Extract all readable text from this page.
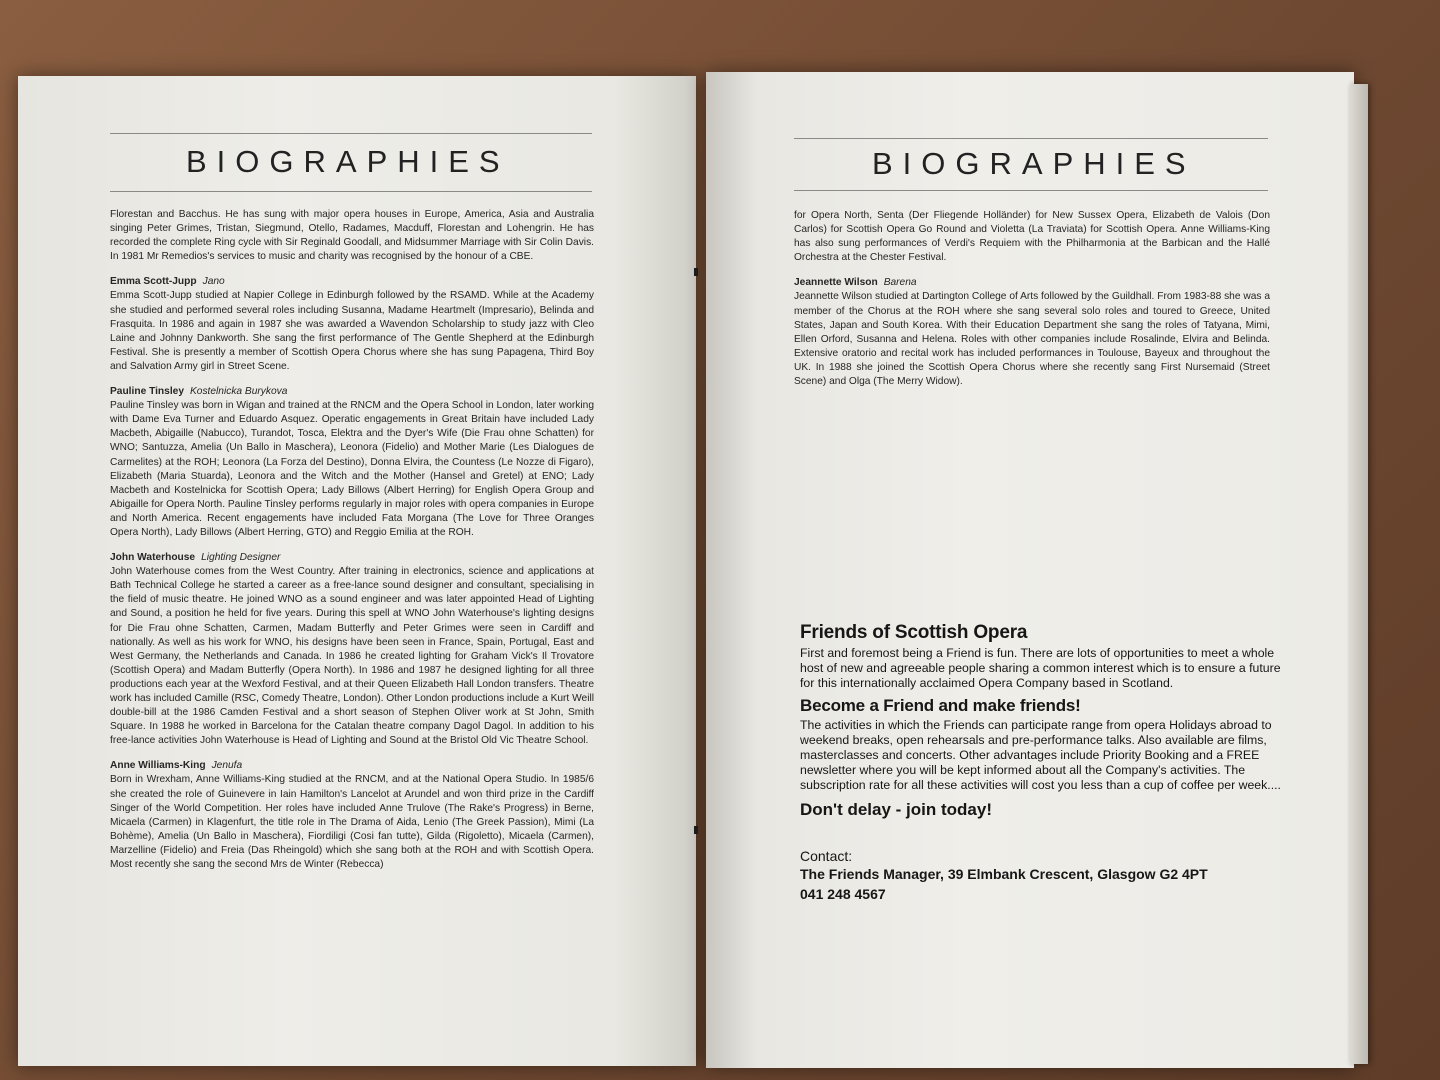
BIOGRAPHIES

Florestan and Bacchus. He has sung with major opera houses in Europe, America, Asia and Australia singing Peter Grimes, Tristan, Siegmund, Otello, Radames, Macduff, Florestan and Lohengrin. He has recorded the complete Ring cycle with Sir Reginald Goodall, and Midsummer Marriage with Sir Colin Davis. In 1981 Mr Remedios's services to music and charity was recognised by the honour of a CBE.

Emma Scott-Jupp Jano

Emma Scott-Jupp studied at Napier College in Edinburgh followed by the RSAMD. While at the Academy she studied and performed several roles including Susanna, Madame Heartmelt (Impresario), Belinda and Frasquita. In 1986 and again in 1987 she was awarded a Wavendon Scholarship to study jazz with Cleo Laine and Johnny Dankworth. She sang the first performance of The Gentle Shepherd at the Edinburgh Festival. She is presently a member of Scottish Opera Chorus where she has sung Papagena, Third Boy and Salvation Army girl in Street Scene.

Pauline Tinsley Kostelnicka Burykova

Pauline Tinsley was born in Wigan and trained at the RNCM and the Opera School in London, later working with Dame Eva Turner and Eduardo Asquez. Operatic engagements in Great Britain have included Lady Macbeth, Abigaille (Nabucco), Turandot, Tosca, Elektra and the Dyer's Wife (Die Frau ohne Schatten) for WNO; Santuzza, Amelia (Un Ballo in Maschera), Leonora (Fidelio) and Mother Marie (Les Dialogues de Carmelites) at the ROH; Leonora (La Forza del Destino), Donna Elvira, the Countess (Le Nozze di Figaro), Elizabeth (Maria Stuarda), Leonora and the Witch and the Mother (Hansel and Gretel) at ENO; Lady Macbeth and Kostelnicka for Scottish Opera; Lady Billows (Albert Herring) for English Opera Group and Abigaille for Opera North. Pauline Tinsley performs regularly in major roles with opera companies in Europe and North America. Recent engagements have included Fata Morgana (The Love for Three Oranges Opera North), Lady Billows (Albert Herring, GTO) and Reggio Emilia at the ROH.

John Waterhouse Lighting Designer

John Waterhouse comes from the West Country. After training in electronics, science and applications at Bath Technical College he started a career as a free-lance sound designer and consultant, specialising in the field of music theatre. He joined WNO as a sound engineer and was later appointed Head of Lighting and Sound, a position he held for five years. During this spell at WNO John Waterhouse's lighting designs for Die Frau ohne Schatten, Carmen, Madam Butterfly and Peter Grimes were seen in Cardiff and nationally. As well as his work for WNO, his designs have been seen in France, Spain, Portugal, East and West Germany, the Netherlands and Canada. In 1986 he created lighting for Graham Vick's Il Trovatore (Scottish Opera) and Madam Butterfly (Opera North). In 1986 and 1987 he designed lighting for all three productions each year at the Wexford Festival, and at their Queen Elizabeth Hall London transfers. Theatre work has included Camille (RSC, Comedy Theatre, London). Other London productions include a Kurt Weill double-bill at the 1986 Camden Festival and a short season of Stephen Oliver work at St John, Smith Square. In 1988 he worked in Barcelona for the Catalan theatre company Dagol Dagol. In addition to his free-lance activities John Waterhouse is Head of Lighting and Sound at the Bristol Old Vic Theatre School.

Anne Williams-King Jenufa

Born in Wrexham, Anne Williams-King studied at the RNCM, and at the National Opera Studio. In 1985/6 she created the role of Guinevere in Iain Hamilton's Lancelot at Arundel and won third prize in the Cardiff Singer of the World Competition. Her roles have included Anne Trulove (The Rake's Progress) in Berne, Micaela (Carmen) in Klagenfurt, the title role in The Drama of Aida, Lenio (The Greek Passion), Mimi (La Bohème), Amelia (Un Ballo in Maschera), Fiordiligi (Cosi fan tutte), Gilda (Rigoletto), Micaela (Carmen), Marzelline (Fidelio) and Freia (Das Rheingold) which she sang both at the ROH and with Scottish Opera. Most recently she sang the second Mrs de Winter (Rebecca)

BIOGRAPHIES

for Opera North, Senta (Der Fliegende Holländer) for New Sussex Opera, Elizabeth de Valois (Don Carlos) for Scottish Opera Go Round and Violetta (La Traviata) for Scottish Opera. Anne Williams-King has also sung performances of Verdi's Requiem with the Philharmonia at the Barbican and the Hallé Orchestra at the Chester Festival.

Jeannette Wilson Barena

Jeannette Wilson studied at Dartington College of Arts followed by the Guildhall. From 1983-88 she was a member of the Chorus at the ROH where she sang several solo roles and toured to Greece, United States, Japan and South Korea. With their Education Department she sang the roles of Tatyana, Mimi, Ellen Orford, Susanna and Helena. Roles with other companies include Rosalinde, Elvira and Belinda. Extensive oratorio and recital work has included performances in Toulouse, Bayeux and throughout the UK. In 1988 she joined the Scottish Opera Chorus where she recently sang First Nursemaid (Street Scene) and Olga (The Merry Widow).

Friends of Scottish Opera

First and foremost being a Friend is fun. There are lots of opportunities to meet a whole host of new and agreeable people sharing a common interest which is to ensure a future for this internationally acclaimed Opera Company based in Scotland.

Become a Friend and make friends!

The activities in which the Friends can participate range from opera Holidays abroad to weekend breaks, open rehearsals and pre-performance talks. Also available are films, masterclasses and concerts. Other advantages include Priority Booking and a FREE newsletter where you will be kept informed about all the Company's activities. The subscription rate for all these activities will cost you less than a cup of coffee per week....

Don't delay - join today!
Contact:
The Friends Manager, 39 Elmbank Crescent, Glasgow G2 4PT
041 248 4567
